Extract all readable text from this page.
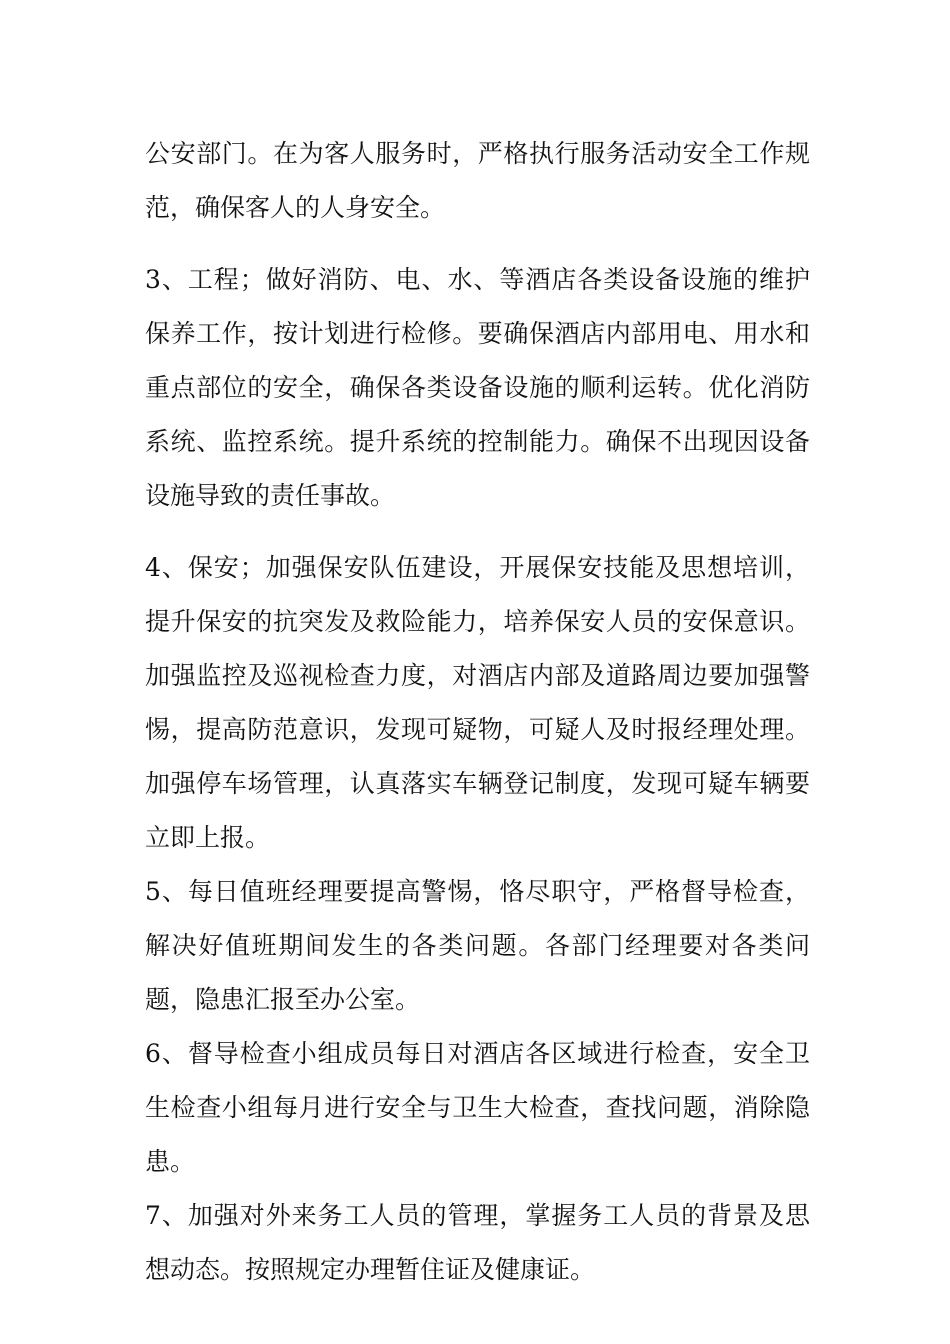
公安部门。在为客人服务时，严格执行服务活动安全工作规范，确保客人的人身安全。

3、工程；做好消防、电、水、等酒店各类设备设施的维护保养工作，按计划进行检修。要确保酒店内部用电、用水和重点部位的安全，确保各类设备设施的顺利运转。优化消防系统、监控系统。提升系统的控制能力。确保不出现因设备设施导致的责任事故。

4、保安；加强保安队伍建设，开展保安技能及思想培训，提升保安的抗突发及救险能力，培养保安人员的安保意识。加强监控及巡视检查力度，对酒店内部及道路周边要加强警惕，提高防范意识，发现可疑物，可疑人及时报经理处理。加强停车场管理，认真落实车辆登记制度，发现可疑车辆要立即上报。

5、每日值班经理要提高警惕，恪尽职守，严格督导检查，解决好值班期间发生的各类问题。各部门经理要对各类问题，隐患汇报至办公室。

6、督导检查小组成员每日对酒店各区域进行检查，安全卫生检查小组每月进行安全与卫生大检查，查找问题，消除隐患。

7、加强对外来务工人员的管理，掌握务工人员的背景及思想动态。按照规定办理暂住证及健康证。
